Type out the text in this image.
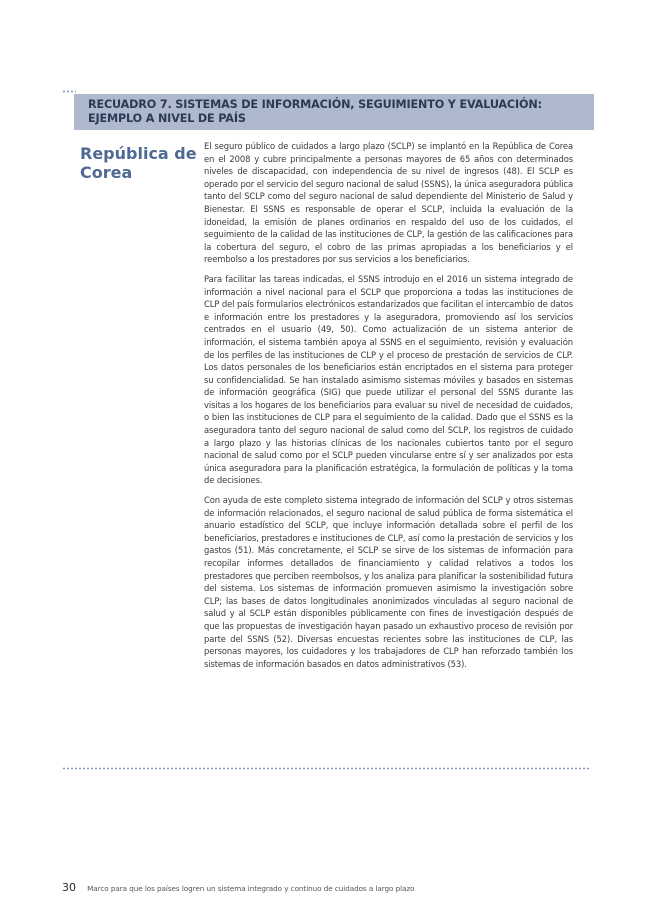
RECUADRO 7. SISTEMAS DE INFORMACIÓN, SEGUIMIENTO Y EVALUACIÓN: EJEMPLO A NIVEL DE PAÍS
República de Corea

El seguro público de cuidados a largo plazo (SCLP) se implantó en la República de Corea en el 2008 y cubre principalmente a personas mayores de 65 años con determinados niveles de discapacidad, con independencia de su nivel de ingresos (48). El SCLP es operado por el servicio del seguro nacional de salud (SSNS), la única aseguradora pública tanto del SCLP como del seguro nacional de salud dependiente del Ministerio de Salud y Bienestar. El SSNS es responsable de operar el SCLP, incluida la evaluación de la idoneidad, la emisión de planes ordinarios en respaldo del uso de los cuidados, el seguimiento de la calidad de las instituciones de CLP, la gestión de las calificaciones para la cobertura del seguro, el cobro de las primas apropiadas a los beneficiarios y el reembolso a los prestadores por sus servicios a los beneficiarios.

Para facilitar las tareas indicadas, el SSNS introdujo en el 2016 un sistema integrado de información a nivel nacional para el SCLP que proporciona a todas las instituciones de CLP del país formularios electrónicos estandarizados que facilitan el intercambio de datos e información entre los prestadores y la aseguradora, promoviendo así los servicios centrados en el usuario (49, 50). Como actualización de un sistema anterior de información, el sistema también apoya al SSNS en el seguimiento, revisión y evaluación de los perfiles de las instituciones de CLP y el proceso de prestación de servicios de CLP. Los datos personales de los beneficiarios están encriptados en el sistema para proteger su confidencialidad. Se han instalado asimismo sistemas móviles y basados en sistemas de información geográfica (SIG) que puede utilizar el personal del SSNS durante las visitas a los hogares de los beneficiarios para evaluar su nivel de necesidad de cuidados, o bien las instituciones de CLP para el seguimiento de la calidad. Dado que el SSNS es la aseguradora tanto del seguro nacional de salud como del SCLP, los registros de cuidado a largo plazo y las historias clínicas de los nacionales cubiertos tanto por el seguro nacional de salud como por el SCLP pueden vincularse entre sí y ser analizados por esta única aseguradora para la planificación estratégica, la formulación de políticas y la toma de decisiones.

Con ayuda de este completo sistema integrado de información del SCLP y otros sistemas de información relacionados, el seguro nacional de salud pública de forma sistemática el anuario estadístico del SCLP, que incluye información detallada sobre el perfil de los beneficiarios, prestadores e instituciones de CLP, así como la prestación de servicios y los gastos (51). Más concretamente, el SCLP se sirve de los sistemas de información para recopilar informes detallados de financiamiento y calidad relativos a todos los prestadores que perciben reembolsos, y los analiza para planificar la sostenibilidad futura del sistema. Los sistemas de información promueven asimismo la investigación sobre CLP; las bases de datos longitudinales anonimizados vinculadas al seguro nacional de salud y al SCLP están disponibles públicamente con fines de investigación después de que las propuestas de investigación hayan pasado un exhaustivo proceso de revisión por parte del SSNS (52). Diversas encuestas recientes sobre las instituciones de CLP, las personas mayores, los cuidadores y los trabajadores de CLP han reforzado también los sistemas de información basados en datos administrativos (53).

30 Marco para que los países logren un sistema integrado y continuo de cuidados a largo plazo
